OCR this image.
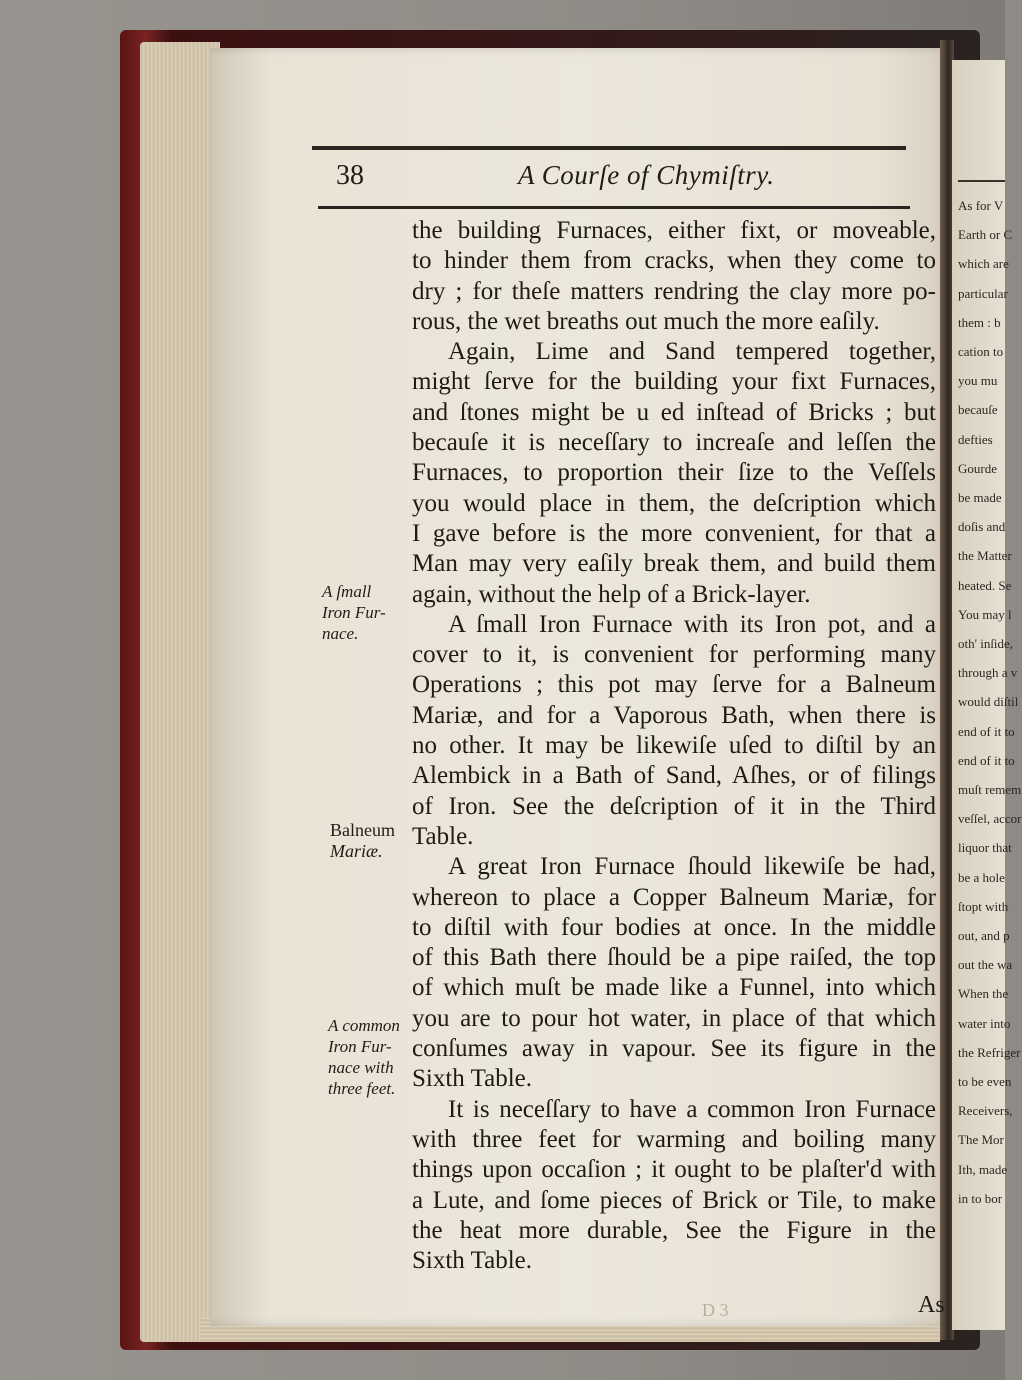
As for V
Earth or C
which are
particular
them : b
cation to
you mu
becauſe
defties
Gourde
be made
doſis and
the Matter
heated. Se
You may l
oth' inſide,
through a v
would diſtil
end of it to
end of it to
muſt remem
veſſel, accor
liquor that
be a hole
ſtopt with
out, and p
out the wa
When the
water into
the Refriger
to be even
Receivers,
The Mor
Ith, made
in to bor
38	A Courſe of Chymiſtry.
A ſmall
Iron Fur-
nace.
Balneum
Mariæ.
A common
Iron Fur-
nace with
three feet.

the building Furnaces, either fixt, or moveable,
to hinder them from cracks, when they come to
dry ; for theſe matters rendring the clay more po-
rous, the wet breaths out much the more eaſily.

Again, Lime and Sand tempered together,
might ſerve for the building your fixt Furnaces,
and ſtones might be u ed inſtead of Bricks ; but
becauſe it is neceſſary to increaſe and leſſen the
Furnaces, to proportion their ſize to the Veſſels
you would place in them, the deſcription which
I gave before is the more convenient, for that a
Man may very eaſily break them, and build them
again, without the help of a Brick-layer.

A ſmall Iron Furnace with its Iron pot, and a
cover to it, is convenient for performing many
Operations ; this pot may ſerve for a Balneum
Mariæ, and for a Vaporous Bath, when there is
no other. It may be likewiſe uſed to diſtil by an
Alembick in a Bath of Sand, Aſhes, or of filings
of Iron. See the deſcription of it in the Third
Table.

A great Iron Furnace ſhould likewiſe be had,
whereon to place a Copper Balneum Mariæ, for
to diſtil with four bodies at once. In the middle
of this Bath there ſhould be a pipe raiſed, the top
of which muſt be made like a Funnel, into which
you are to pour hot water, in place of that which
conſumes away in vapour. See its figure in the
Sixth Table.

It is neceſſary to have a common Iron Furnace
with three feet for warming and boiling many
things upon occaſion ; it ought to be plaſter'd with
a Lute, and ſome pieces of Brick or Tile, to make
the heat more durable, See the Figure in the
Sixth Table.

D 3	As
